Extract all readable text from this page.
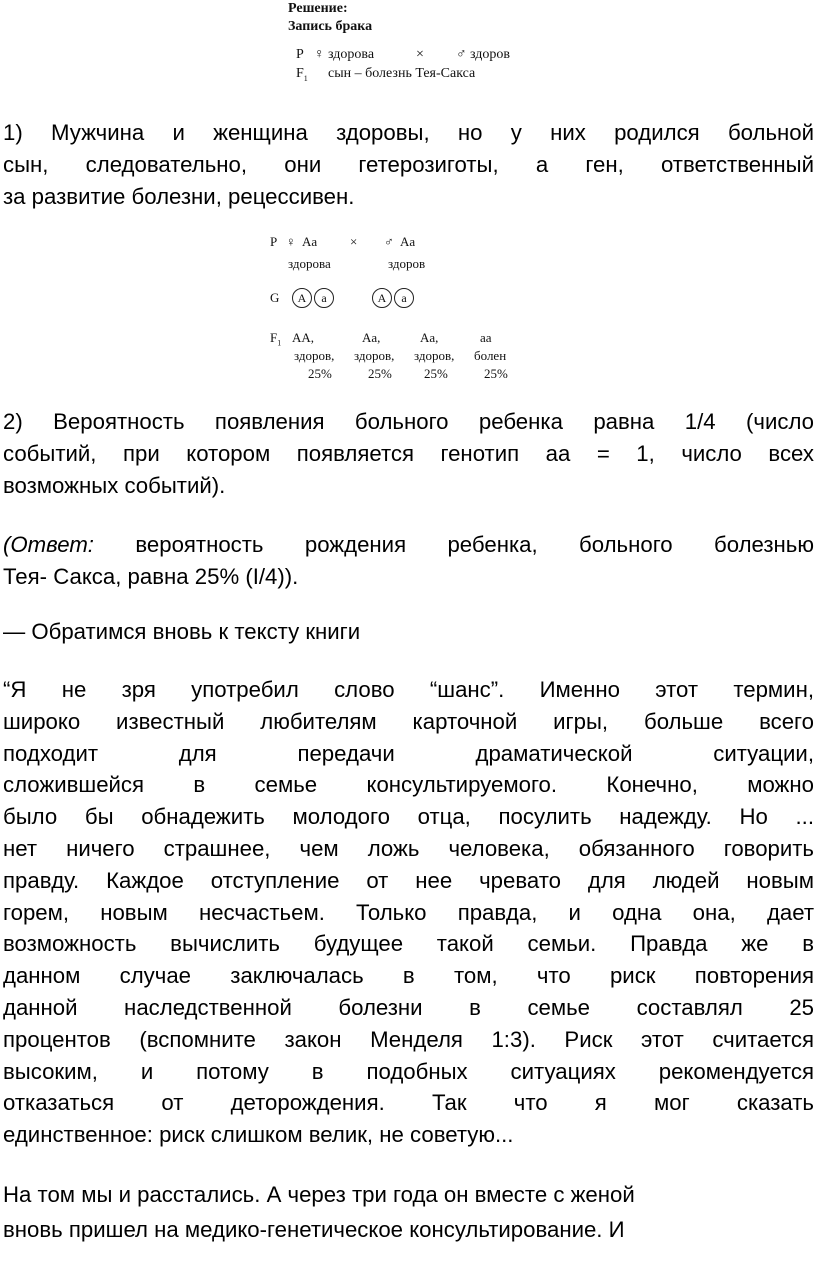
Решение:
Запись брака
P ♀ здорова	× ♂ здоров
$F_1$ сын – болезнь Тея-Сакса
1) Мужчина и женщина здоровы, но у них родился больной
сын, следовательно, они гетерозиготы, а ген, ответственный
за развитие болезни, рецессивен.
P ♀ Aa	× ♂ Aa
здорова	здоров
G	A	a	A	a
$F_1$ AA,	Aa,	Aa,	aa
здоров, здоров, здоров, болен
25%	25% 25%	25%
2) Вероятность появления больного ребенка равна 1/4 (число
событий, при котором появляется генотип аа = 1, число всех
возможных событий).
(Ответ: вероятность рождения ребенка, больного болезнью
Тея- Сакса, равна 25% (I/4)).
— Обратимся вновь к тексту книги
“Я не зря употребил слово “шанс”. Именно этот термин,
широко известный любителям карточной игры, больше всего
подходит для передачи драматической ситуации,
сложившейся в семье консультируемого. Конечно, можно
было бы обнадежить молодого отца, посулить надежду. Но ...
нет ничего страшнее, чем ложь человека, обязанного говорить
правду. Каждое отступление от нее чревато для людей новым
горем, новым несчастьем. Только правда, и одна она, дает
возможность вычислить будущее такой семьи. Правда же в
данном случае заключалась в том, что риск повторения
данной наследственной болезни в семье составлял 25
процентов (вспомните закон Менделя 1:3). Риск этот считается
высоким, и потому в подобных ситуациях рекомендуется
отказаться от деторождения. Так что я мог сказать
единственное: риск слишком велик, не советую...
На том мы и расстались. А через три года он вместе с женой
вновь пришел на медико-генетическое консультирование. И
